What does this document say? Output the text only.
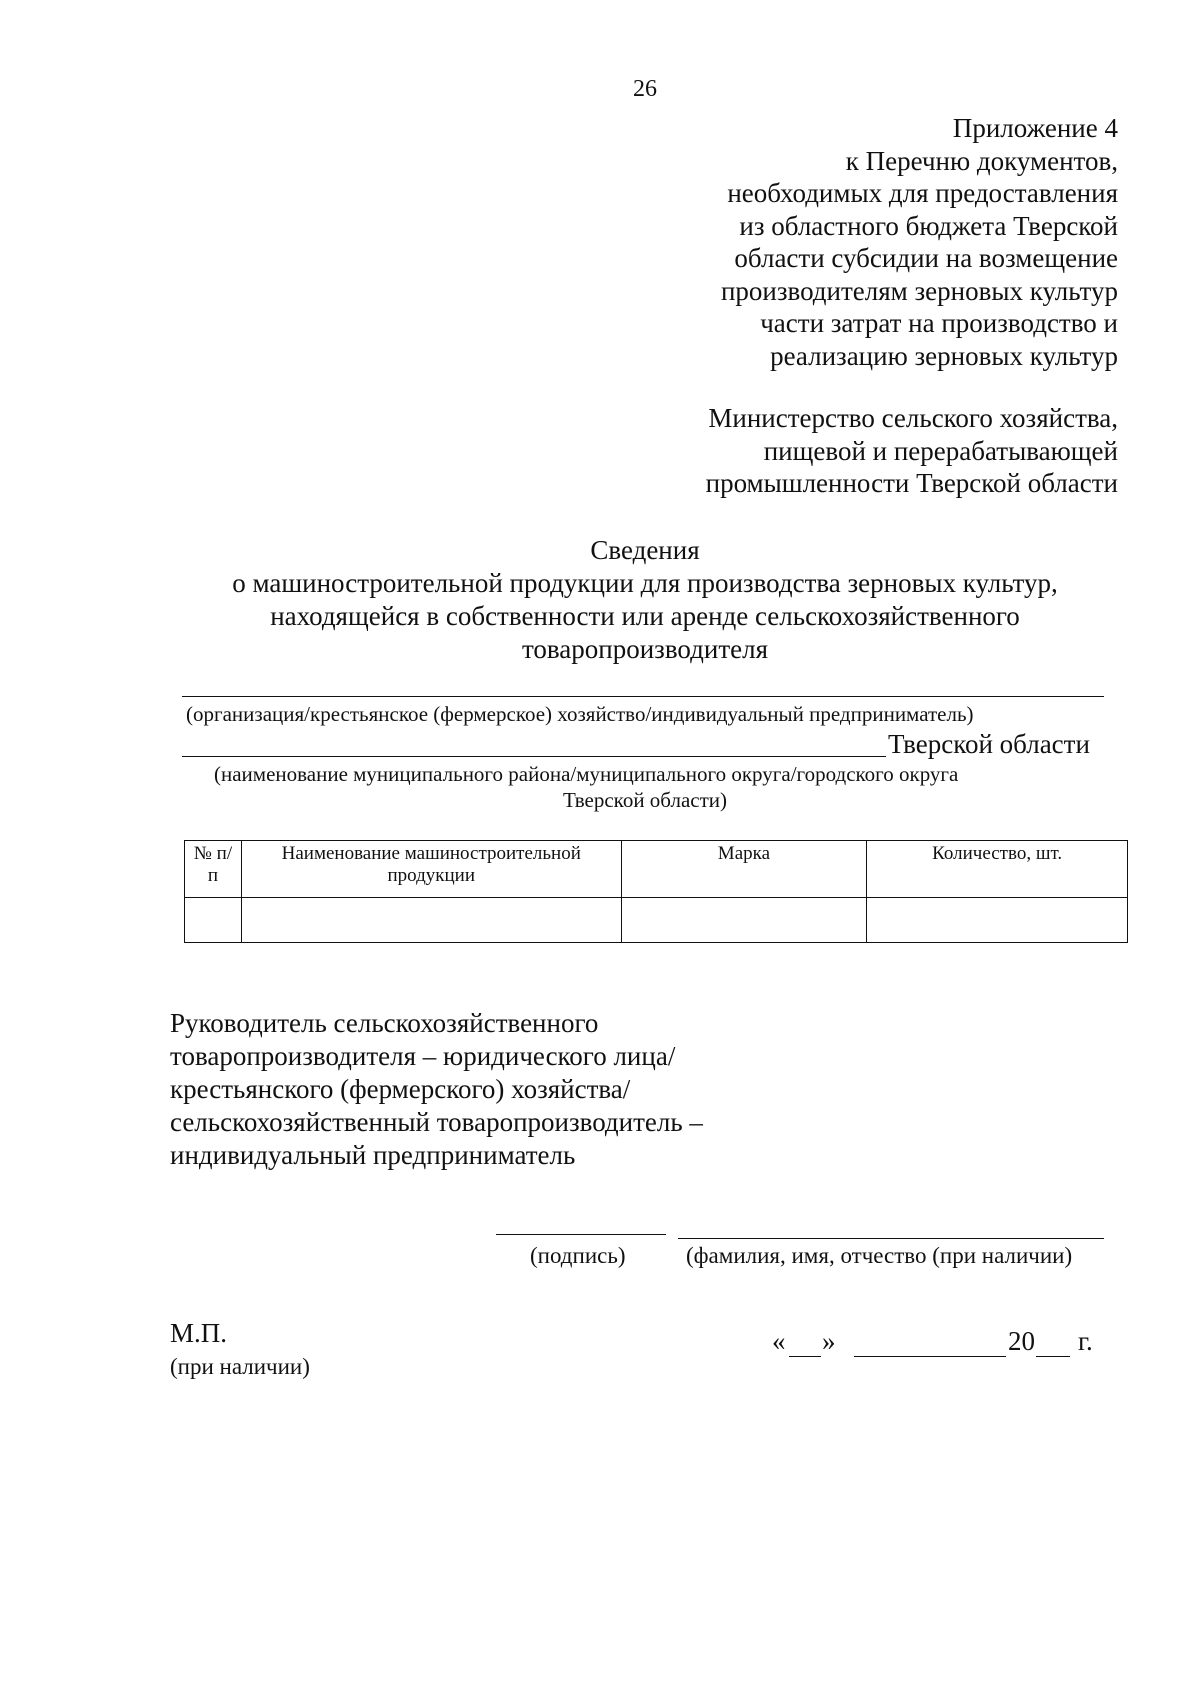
26
Приложение 4
к Перечню документов,
необходимых для предоставления
из областного бюджета Тверской
области субсидии на возмещение
производителям зерновых культур
части затрат на производство и
реализацию зерновых культур
Министерство сельского хозяйства,
пищевой и перерабатывающей
промышленности Тверской области
Сведения
о машиностроительной продукции для производства зерновых культур,
находящейся в собственности или аренде сельскохозяйственного
товаропроизводителя
(организация/крестьянское (фермерское) хозяйство/индивидуальный предприниматель)
Тверской области
(наименование муниципального района/муниципального округа/городского округа
Тверской области)
№ п/п	Наименование машиностроительной продукции	Марка	Количество, шт.

Руководитель сельскохозяйственного
товаропроизводителя – юридического лица/
крестьянского (фермерского) хозяйства/
сельскохозяйственный товаропроизводитель –
индивидуальный предприниматель
(подпись)	(фамилия, имя, отчество (при наличии)
М.П.
(при наличии)
« »	20 г.
